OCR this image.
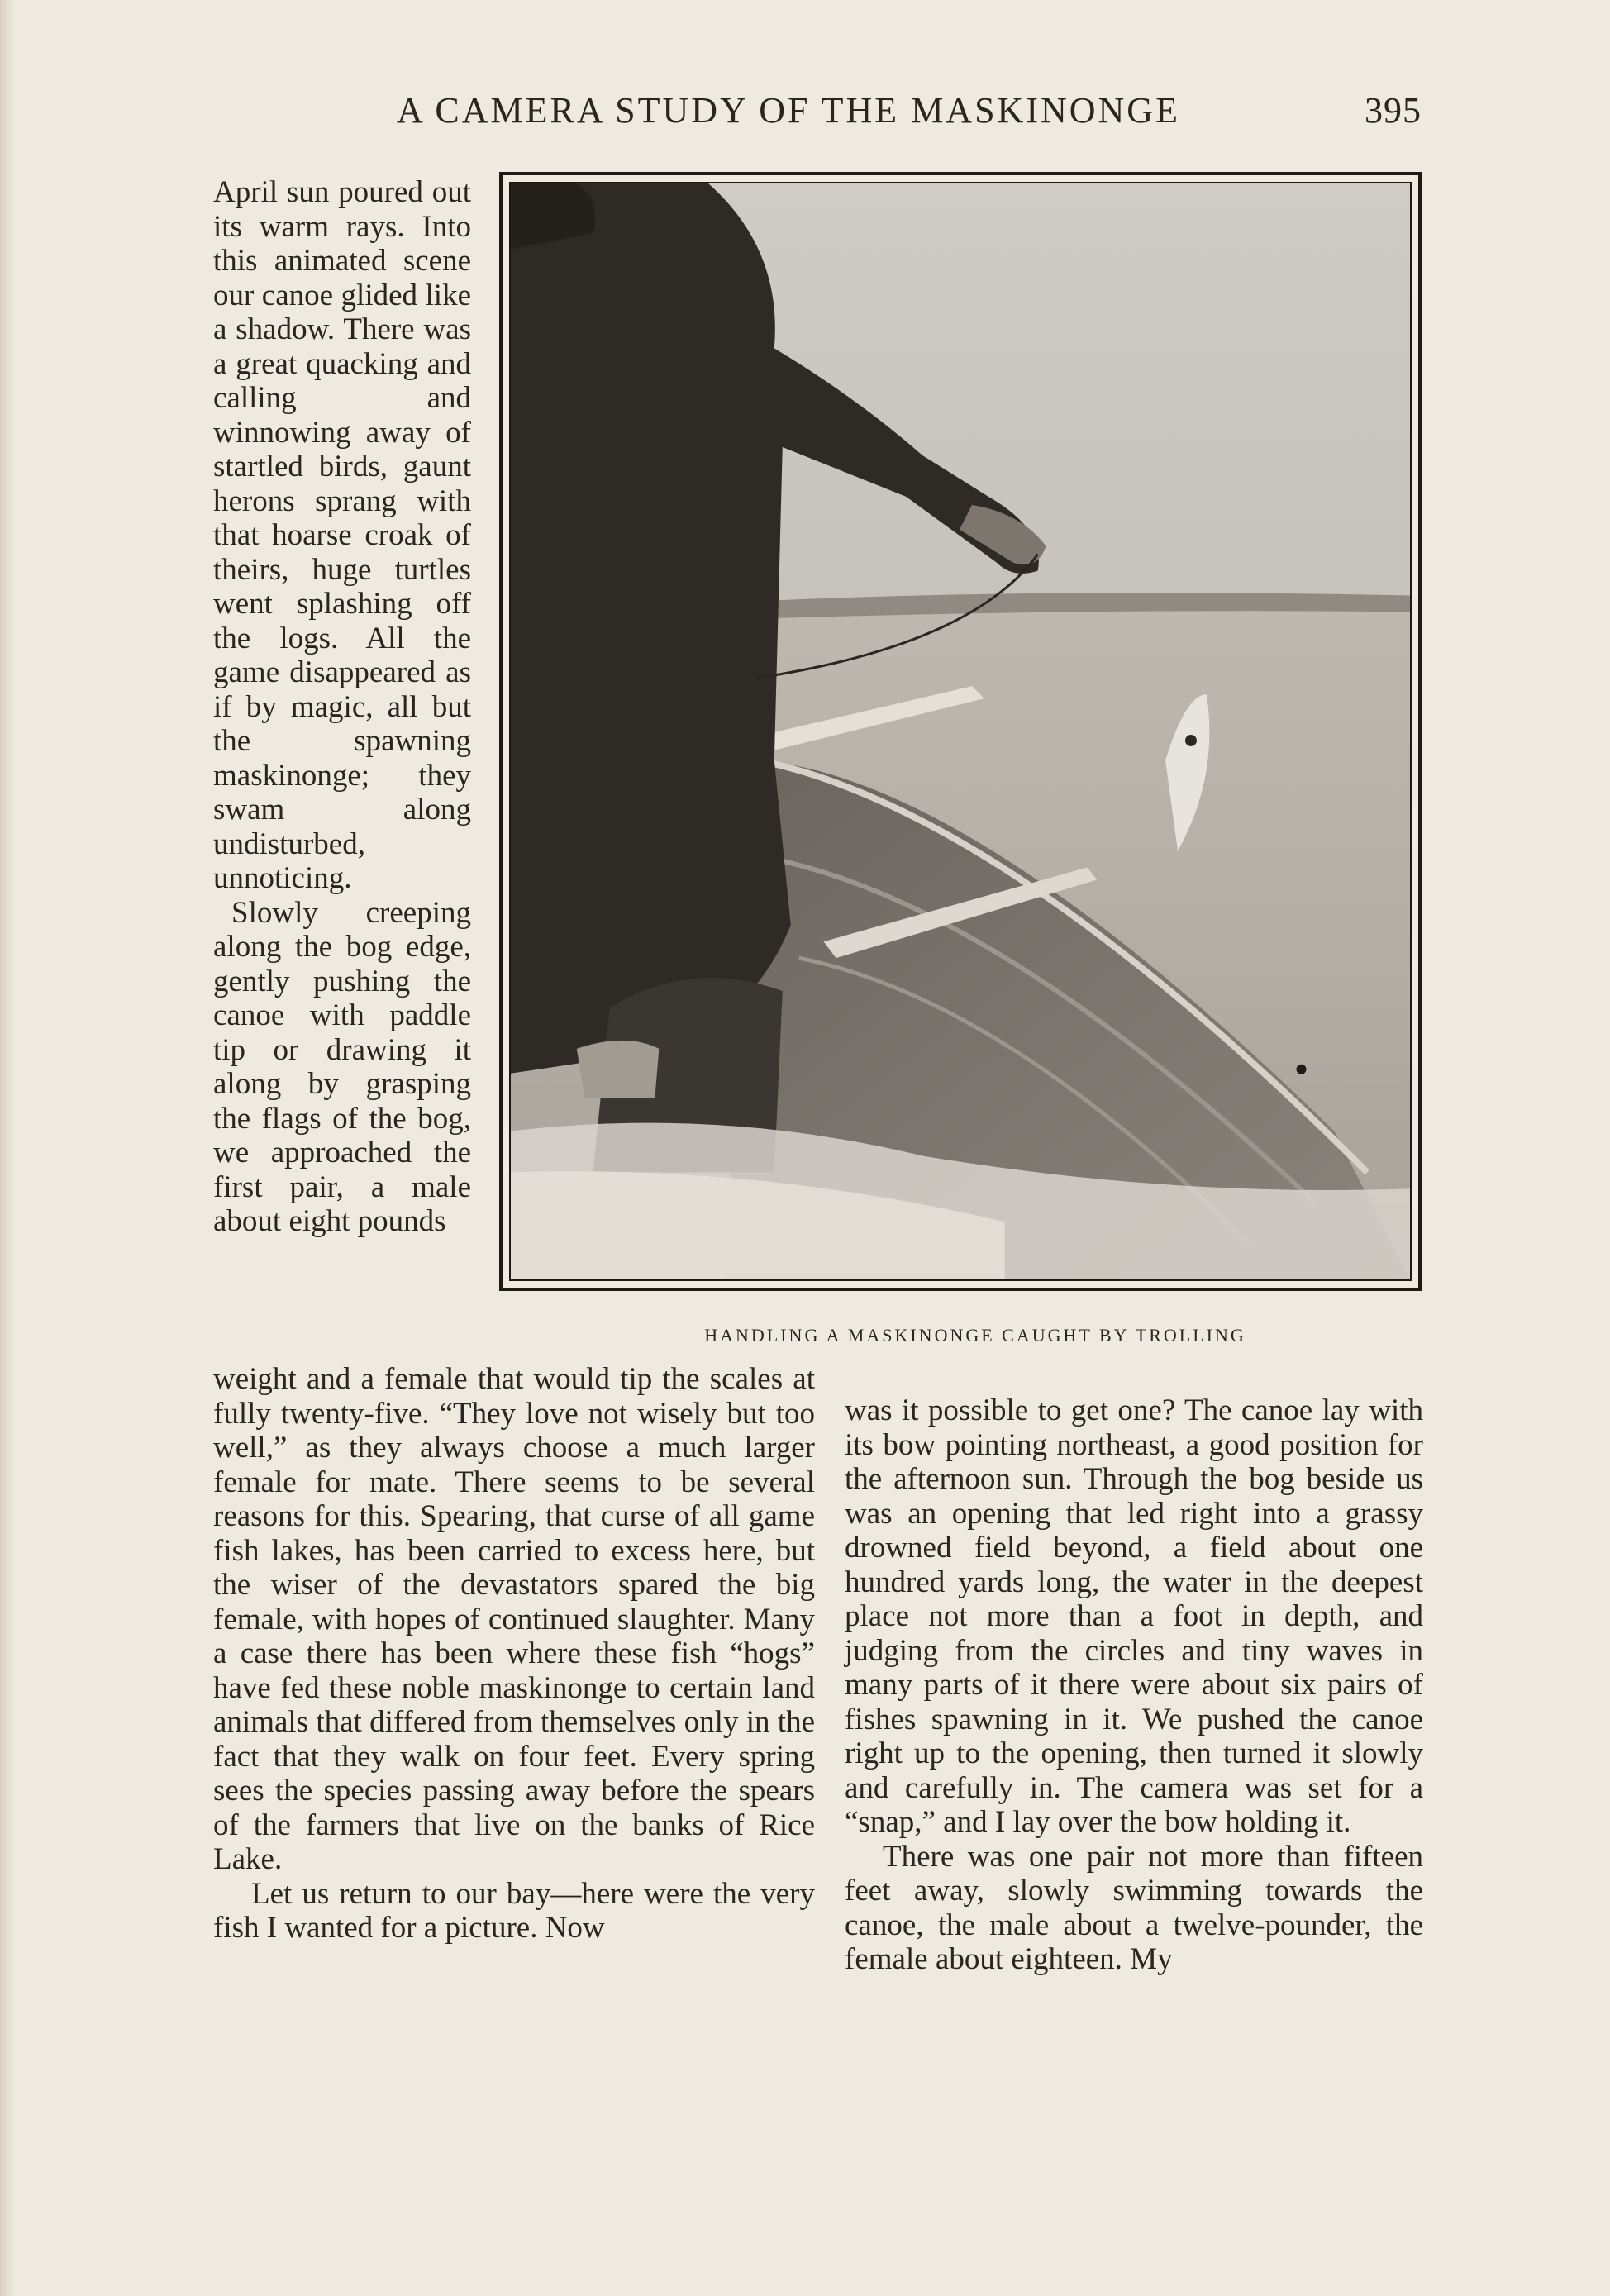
A CAMERA STUDY OF THE MASKINONGE	395

April sun poured out its warm rays. Into this animated scene our canoe glided like a shadow. There was a great quacking and calling and winnowing away of startled birds, gaunt herons sprang with that hoarse croak of theirs, huge turtles went splashing off the logs. All the game disappeared as if by magic, all but the spawning maskinonge; they swam along undisturbed, unnoticing.

Slowly creeping along the bog edge, gently pushing the canoe with paddle tip or drawing it along by grasping the flags of the bog, we approached the first pair, a male about eight pounds

HANDLING A MASKINONGE CAUGHT BY TROLLING

weight and a female that would tip the scales at fully twenty-five. “They love not wisely but too well,” as they always choose a much larger female for mate. There seems to be several reasons for this. Spearing, that curse of all game fish lakes, has been carried to excess here, but the wiser of the devastators spared the big female, with hopes of continued slaughter. Many a case there has been where these fish “hogs” have fed these noble maskinonge to certain land animals that differed from themselves only in the fact that they walk on four feet. Every spring sees the species passing away before the spears of the farmers that live on the banks of Rice Lake.

Let us return to our bay—here were the very fish I wanted for a picture. Now

was it possible to get one? The canoe lay with its bow pointing northeast, a good position for the afternoon sun. Through the bog beside us was an opening that led right into a grassy drowned field beyond, a field about one hundred yards long, the water in the deepest place not more than a foot in depth, and judging from the circles and tiny waves in many parts of it there were about six pairs of fishes spawning in it. We pushed the canoe right up to the opening, then turned it slowly and carefully in. The camera was set for a “snap,” and I lay over the bow holding it.

There was one pair not more than fifteen feet away, slowly swimming towards the canoe, the male about a twelve-pounder, the female about eighteen. My
